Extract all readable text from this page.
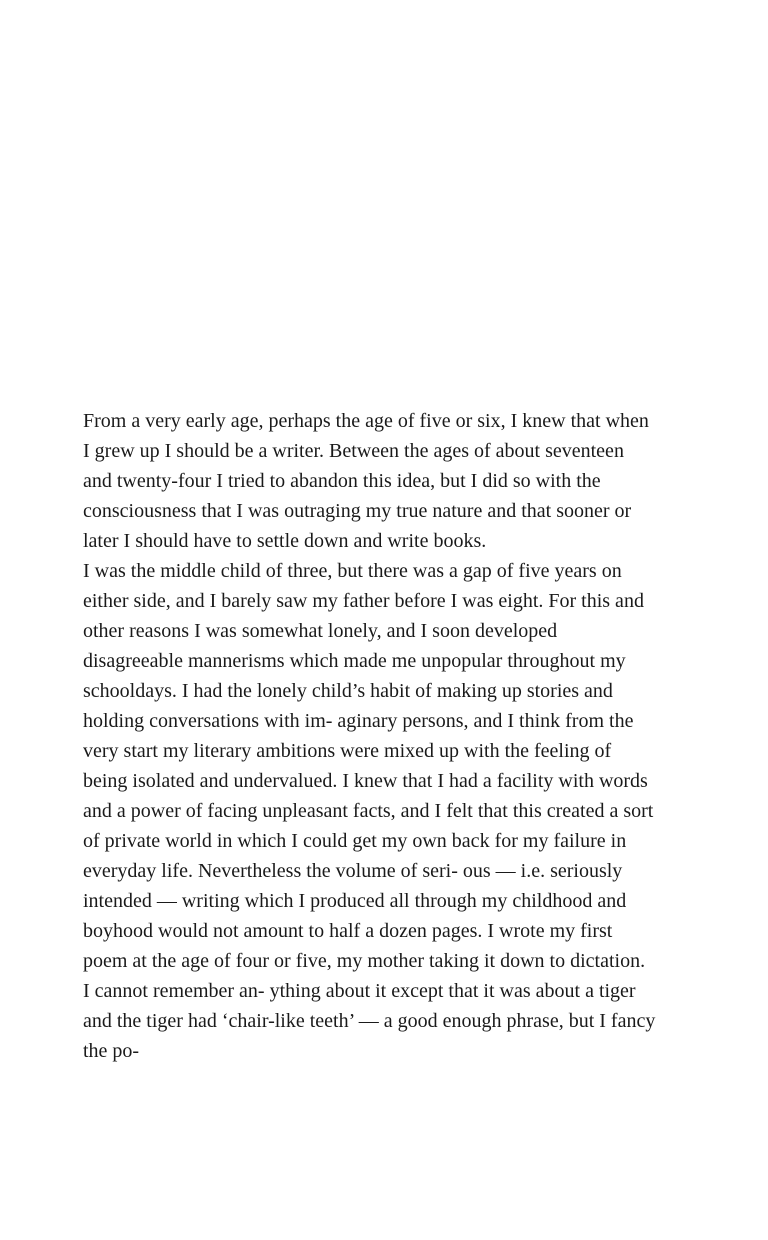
From a very early age, perhaps the age of five or six, I knew that when I grew up I should be a writer. Between the ages of about seventeen and twenty-four I tried to abandon this idea, but I did so with the consciousness that I was outraging my true nature and that sooner or later I should have to settle down and write books.
I was the middle child of three, but there was a gap of five years on either side, and I barely saw my father before I was eight. For this and other reasons I was somewhat lonely, and I soon developed disagreeable mannerisms which made me unpopular throughout my schooldays. I had the lonely child’s habit of making up stories and holding conversations with im- aginary persons, and I think from the very start my literary ambitions were mixed up with the feeling of being isolated and undervalued. I knew that I had a facility with words and a power of facing unpleasant facts, and I felt that this created a sort of private world in which I could get my own back for my failure in everyday life. Nevertheless the volume of seri- ous — i.e. seriously intended — writing which I produced all through my childhood and boyhood would not amount to half a dozen pages. I wrote my first poem at the age of four or five, my mother taking it down to dictation. I cannot remember an- ything about it except that it was about a tiger and the tiger had ‘chair-like teeth’ — a good enough phrase, but I fancy the po-
